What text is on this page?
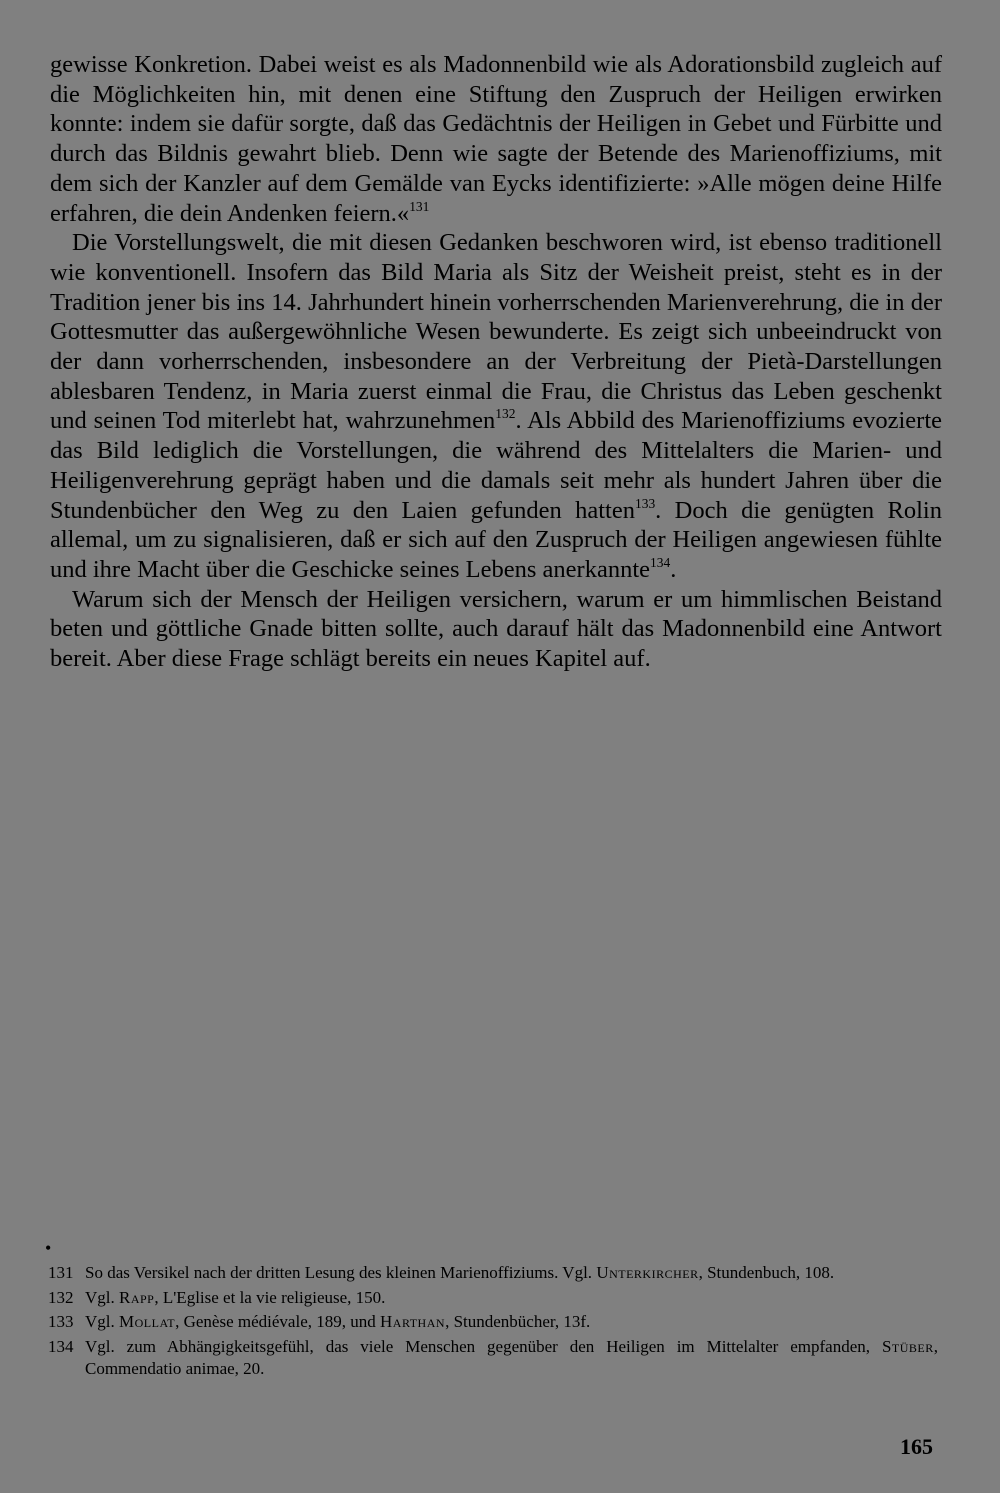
gewisse Konkretion. Dabei weist es als Madonnenbild wie als Adorationsbild zugleich auf die Möglichkeiten hin, mit denen eine Stiftung den Zuspruch der Heiligen erwirken konnte: indem sie dafür sorgte, daß das Gedächtnis der Heiligen in Gebet und Fürbitte und durch das Bildnis gewahrt blieb. Denn wie sagte der Betende des Marienoffiziums, mit dem sich der Kanzler auf dem Gemälde van Eycks identifizierte: »Alle mögen deine Hilfe erfahren, die dein Andenken feiern.«$^{131}$

Die Vorstellungswelt, die mit diesen Gedanken beschworen wird, ist ebenso traditionell wie konventionell. Insofern das Bild Maria als Sitz der Weisheit preist, steht es in der Tradition jener bis ins 14. Jahrhundert hinein vorherrschenden Marienverehrung, die in der Gottesmutter das außergewöhnliche Wesen bewunderte. Es zeigt sich unbeeindruckt von der dann vorherrschenden, insbesondere an der Verbreitung der Pietà-Darstellungen ablesbaren Tendenz, in Maria zuerst einmal die Frau, die Christus das Leben geschenkt und seinen Tod miterlebt hat, wahrzunehmen$^{132}$. Als Abbild des Marienoffiziums evozierte das Bild lediglich die Vorstellungen, die während des Mittelalters die Marien- und Heiligenverehrung geprägt haben und die damals seit mehr als hundert Jahren über die Stundenbücher den Weg zu den Laien gefunden hatten$^{133}$. Doch die genügten Rolin allemal, um zu signalisieren, daß er sich auf den Zuspruch der Heiligen angewiesen fühlte und ihre Macht über die Geschicke seines Lebens anerkannte$^{134}$.

Warum sich der Mensch der Heiligen versichern, warum er um himmlischen Beistand beten und göttliche Gnade bitten sollte, auch darauf hält das Madonnenbild eine Antwort bereit. Aber diese Frage schlägt bereits ein neues Kapitel auf.

•
131 So das Versikel nach der dritten Lesung des kleinen Marienoffiziums. Vgl. Unterkircher, Stundenbuch, 108.
132 Vgl. Rapp, L'Eglise et la vie religieuse, 150.
133 Vgl. Mollat, Genèse médiévale, 189, und Harthan, Stundenbücher, 13f.
134 Vgl. zum Abhängigkeitsgefühl, das viele Menschen gegenüber den Heiligen im Mittelalter empfanden, Stüber, Commendatio animae, 20.
165
